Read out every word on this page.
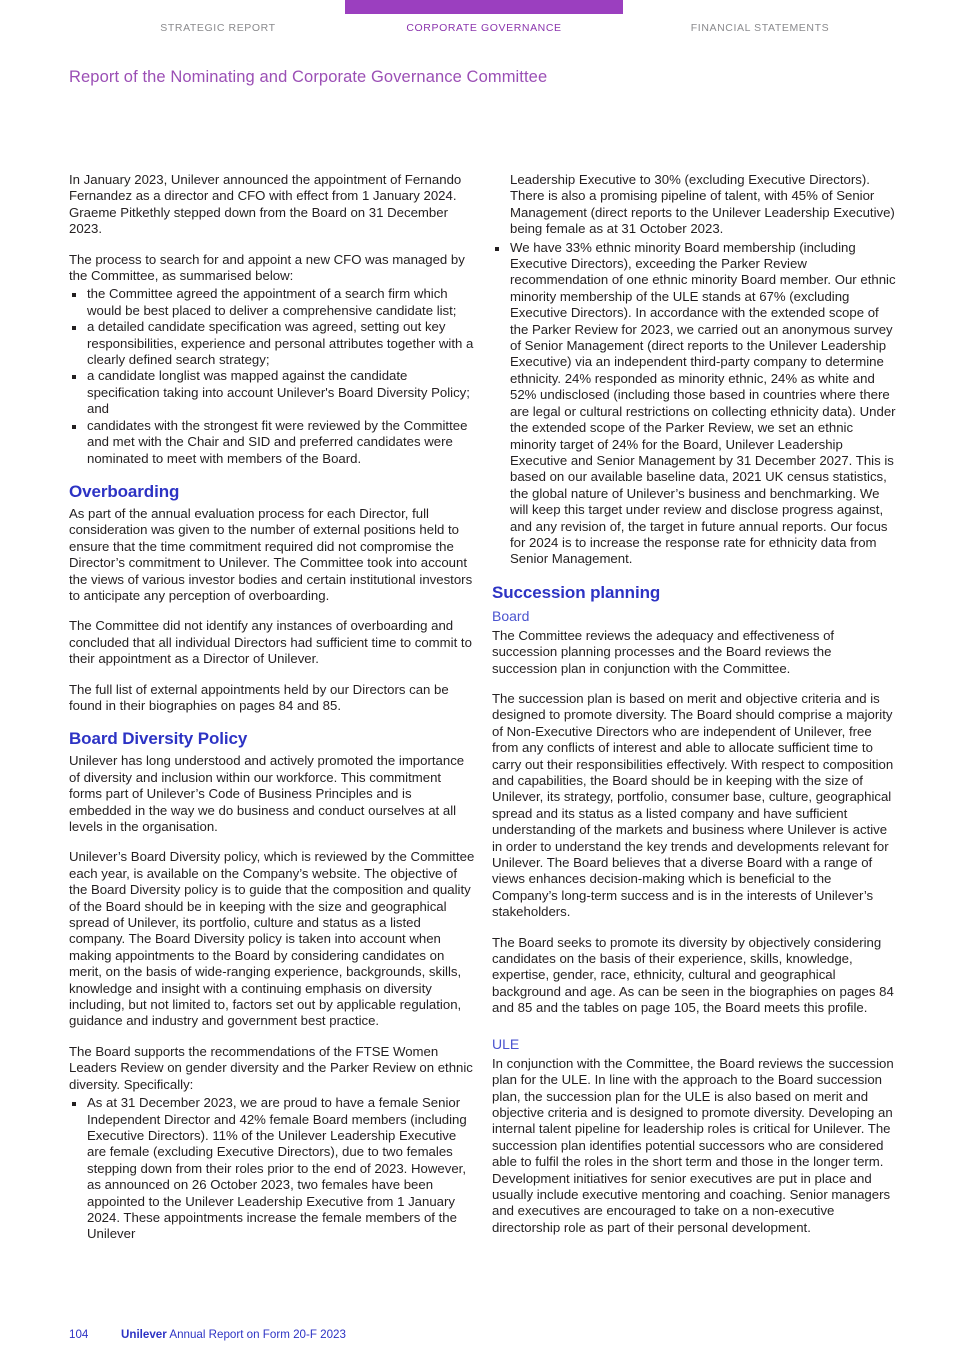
STRATEGIC REPORT	CORPORATE GOVERNANCE	FINANCIAL STATEMENTS
Report of the Nominating and Corporate Governance Committee

In January 2023, Unilever announced the appointment of Fernando Fernandez as a director and CFO with effect from 1 January 2024. Graeme Pitkethly stepped down from the Board on 31 December 2023.

The process to search for and appoint a new CFO was managed by the Committee, as summarised below:

the Committee agreed the appointment of a search firm which would be best placed to deliver a comprehensive candidate list;
a detailed candidate specification was agreed, setting out key responsibilities, experience and personal attributes together with a clearly defined search strategy;
a candidate longlist was mapped against the candidate specification taking into account Unilever's Board Diversity Policy; and
candidates with the strongest fit were reviewed by the Committee and met with the Chair and SID and preferred candidates were nominated to meet with members of the Board.
Overboarding

As part of the annual evaluation process for each Director, full consideration was given to the number of external positions held to ensure that the time commitment required did not compromise the Director’s commitment to Unilever. The Committee took into account the views of various investor bodies and certain institutional investors to anticipate any perception of overboarding.

The Committee did not identify any instances of overboarding and concluded that all individual Directors had sufficient time to commit to their appointment as a Director of Unilever.

The full list of external appointments held by our Directors can be found in their biographies on pages 84 and 85.

Board Diversity Policy

Unilever has long understood and actively promoted the importance of diversity and inclusion within our workforce. This commitment forms part of Unilever’s Code of Business Principles and is embedded in the way we do business and conduct ourselves at all levels in the organisation.

Unilever’s Board Diversity policy, which is reviewed by the Committee each year, is available on the Company’s website. The objective of the Board Diversity policy is to guide that the composition and quality of the Board should be in keeping with the size and geographical spread of Unilever, its portfolio, culture and status as a listed company. The Board Diversity policy is taken into account when making appointments to the Board by considering candidates on merit, on the basis of wide-ranging experience, backgrounds, skills, knowledge and insight with a continuing emphasis on diversity including, but not limited to, factors set out by applicable regulation, guidance and industry and government best practice.

The Board supports the recommendations of the FTSE Women Leaders Review on gender diversity and the Parker Review on ethnic diversity. Specifically:

As at 31 December 2023, we are proud to have a female Senior Independent Director and 42% female Board members (including Executive Directors). 11% of the Unilever Leadership Executive are female (excluding Executive Directors), due to two females stepping down from their roles prior to the end of 2023. However, as announced on 26 October 2023, two females have been appointed to the Unilever Leadership Executive from 1 January 2024. These appointments increase the female members of the Unilever

Leadership Executive to 30% (excluding Executive Directors). There is also a promising pipeline of talent, with 45% of Senior Management (direct reports to the Unilever Leadership Executive) being female as at 31 October 2023.

We have 33% ethnic minority Board membership (including Executive Directors), exceeding the Parker Review recommendation of one ethnic minority Board member. Our ethnic minority membership of the ULE stands at 67% (excluding Executive Directors). In accordance with the extended scope of the Parker Review for 2023, we carried out an anonymous survey of Senior Management (direct reports to the Unilever Leadership Executive) via an independent third-party company to determine ethnicity. 24% responded as minority ethnic, 24% as white and 52% undisclosed (including those based in countries where there are legal or cultural restrictions on collecting ethnicity data). Under the extended scope of the Parker Review, we set an ethnic minority target of 24% for the Board, Unilever Leadership Executive and Senior Management by 31 December 2027. This is based on our available baseline data, 2021 UK census statistics, the global nature of Unilever’s business and benchmarking. We will keep this target under review and disclose progress against, and any revision of, the target in future annual reports. Our focus for 2024 is to increase the response rate for ethnicity data from Senior Management.
Succession planning
Board

The Committee reviews the adequacy and effectiveness of succession planning processes and the Board reviews the succession plan in conjunction with the Committee.

The succession plan is based on merit and objective criteria and is designed to promote diversity. The Board should comprise a majority of Non-Executive Directors who are independent of Unilever, free from any conflicts of interest and able to allocate sufficient time to carry out their responsibilities effectively. With respect to composition and capabilities, the Board should be in keeping with the size of Unilever, its strategy, portfolio, consumer base, culture, geographical spread and its status as a listed company and have sufficient understanding of the markets and business where Unilever is active in order to understand the key trends and developments relevant for Unilever. The Board believes that a diverse Board with a range of views enhances decision-making which is beneficial to the Company’s long-term success and is in the interests of Unilever’s stakeholders.

The Board seeks to promote its diversity by objectively considering candidates on the basis of their experience, skills, knowledge, expertise, gender, race, ethnicity, cultural and geographical background and age. As can be seen in the biographies on pages 84 and 85 and the tables on page 105, the Board meets this profile.

ULE

In conjunction with the Committee, the Board reviews the succession plan for the ULE. In line with the approach to the Board succession plan, the succession plan for the ULE is also based on merit and objective criteria and is designed to promote diversity. Developing an internal talent pipeline for leadership roles is critical for Unilever. The succession plan identifies potential successors who are considered able to fulfil the roles in the short term and those in the longer term. Development initiatives for senior executives are put in place and usually include executive mentoring and coaching. Senior managers and executives are encouraged to take on a non-executive directorship role as part of their personal development.

104	Unilever Annual Report on Form 20-F 2023
